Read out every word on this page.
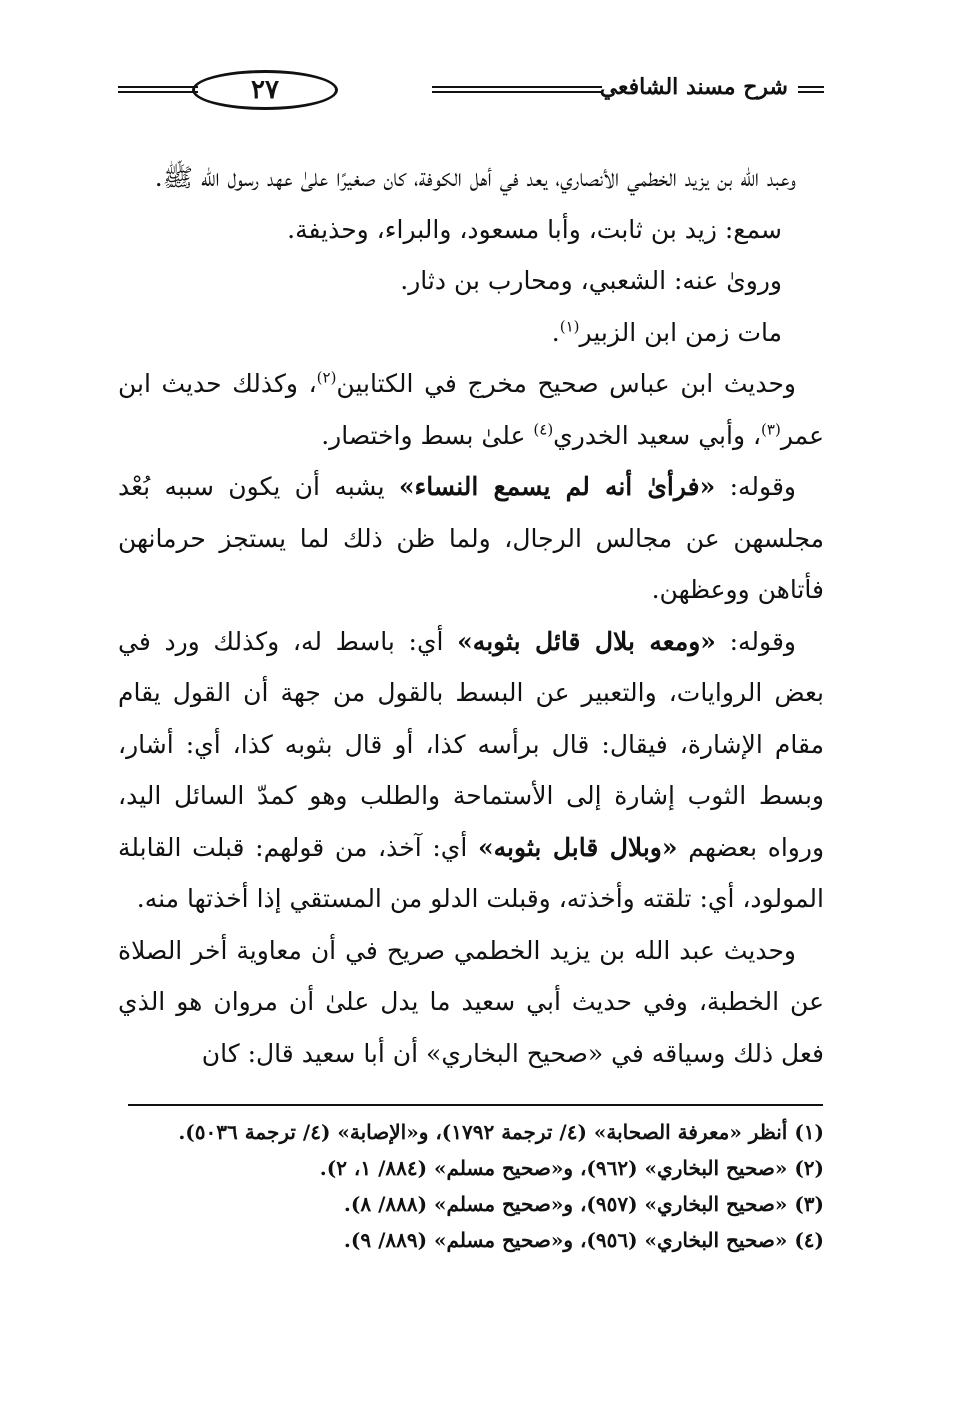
شرح مسند الشافعي
٢٧

وعبد الله بن يزيد الخطمي الأنصاري، يعد في أهل الكوفة، كان صغيرًا علىٰ عهد رسول الله ﷺ.

سمع: زيد بن ثابت، وأبا مسعود، والبراء، وحذيفة.

وروىٰ عنه: الشعبي، ومحارب بن دثار.

مات زمن ابن الزبير$^{(١)}$.

وحديث ابن عباس صحيح مخرج في الكتابين$^{(٢)}$، وكذلك حديث ابن عمر$^{(٣)}$، وأبي سعيد الخدري$^{(٤)}$ علىٰ بسط واختصار.

وقوله: «فرأىٰ أنه لم يسمع النساء» يشبه أن يكون سببه بُعْد مجلسهن عن مجالس الرجال، ولما ظن ذلك لما يستجز حرمانهن فأتاهن ووعظهن.

وقوله: «ومعه بلال قائل بثوبه» أي: باسط له، وكذلك ورد في بعض الروايات، والتعبير عن البسط بالقول من جهة أن القول يقام مقام الإشارة، فيقال: قال برأسه كذا، أو قال بثوبه كذا، أي: أشار، وبسط الثوب إشارة إلى الأستماحة والطلب وهو كمدّ السائل اليد، ورواه بعضهم «وبلال قابل بثوبه» أي: آخذ، من قولهم: قبلت القابلة المولود، أي: تلقته وأخذته، وقبلت الدلو من المستقي إذا أخذتها منه.

وحديث عبد الله بن يزيد الخطمي صريح في أن معاوية أخر الصلاة عن الخطبة، وفي حديث أبي سعيد ما يدل علىٰ أن مروان هو الذي فعل ذلك وسياقه في «صحيح البخاري» أن أبا سعيد قال: كان

(١) أنظر «معرفة الصحابة» (٤/ ترجمة ١٧٩٢)، و«الإصابة» (٤/ ترجمة ٥٠٣٦).
(٢) «صحيح البخاري» (٩٦٢)، و«صحيح مسلم» (٨٨٤/ ١، ٢).
(٣) «صحيح البخاري» (٩٥٧)، و«صحيح مسلم» (٨٨٨/ ٨).
(٤) «صحيح البخاري» (٩٥٦)، و«صحيح مسلم» (٨٨٩/ ٩).
